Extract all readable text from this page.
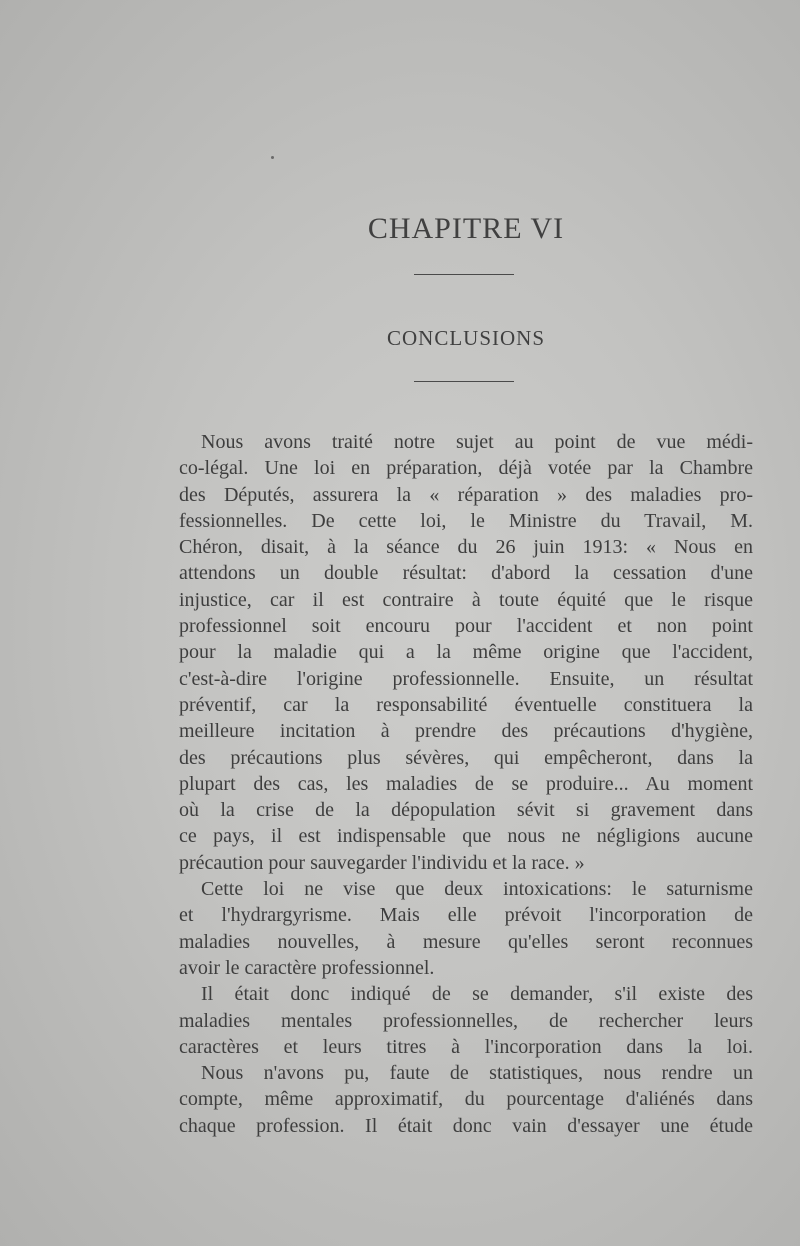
CHAPITRE VI
CONCLUSIONS
Nous avons traité notre sujet au point de vue médi-
co-légal. Une loi en préparation, déjà votée par la Chambre
des Députés, assurera la « réparation » des maladies pro-
fessionnelles. De cette loi, le Ministre du Travail, M.
Chéron, disait, à la séance du 26 juin 1913: « Nous en
attendons un double résultat: d'abord la cessation d'une
injustice, car il est contraire à toute équité que le risque
professionnel soit encouru pour l'accident et non point
pour la maladie qui a la même origine que l'accident,
c'est-à-dire l'origine professionnelle. Ensuite, un résultat
préventif, car la responsabilité éventuelle constituera la
meilleure incitation à prendre des précautions d'hygiène,
des précautions plus sévères, qui empêcheront, dans la
plupart des cas, les maladies de se produire... Au moment
où la crise de la dépopulation sévit si gravement dans
ce pays, il est indispensable que nous ne négligions aucune
précaution pour sauvegarder l'individu et la race. »
Cette loi ne vise que deux intoxications: le saturnisme
et l'hydrargyrisme. Mais elle prévoit l'incorporation de
maladies nouvelles, à mesure qu'elles seront reconnues
avoir le caractère professionnel.
Il était donc indiqué de se demander, s'il existe des
maladies mentales professionnelles, de rechercher leurs
caractères et leurs titres à l'incorporation dans la loi.
Nous n'avons pu, faute de statistiques, nous rendre un
compte, même approximatif, du pourcentage d'aliénés dans
chaque profession. Il était donc vain d'essayer une étude
